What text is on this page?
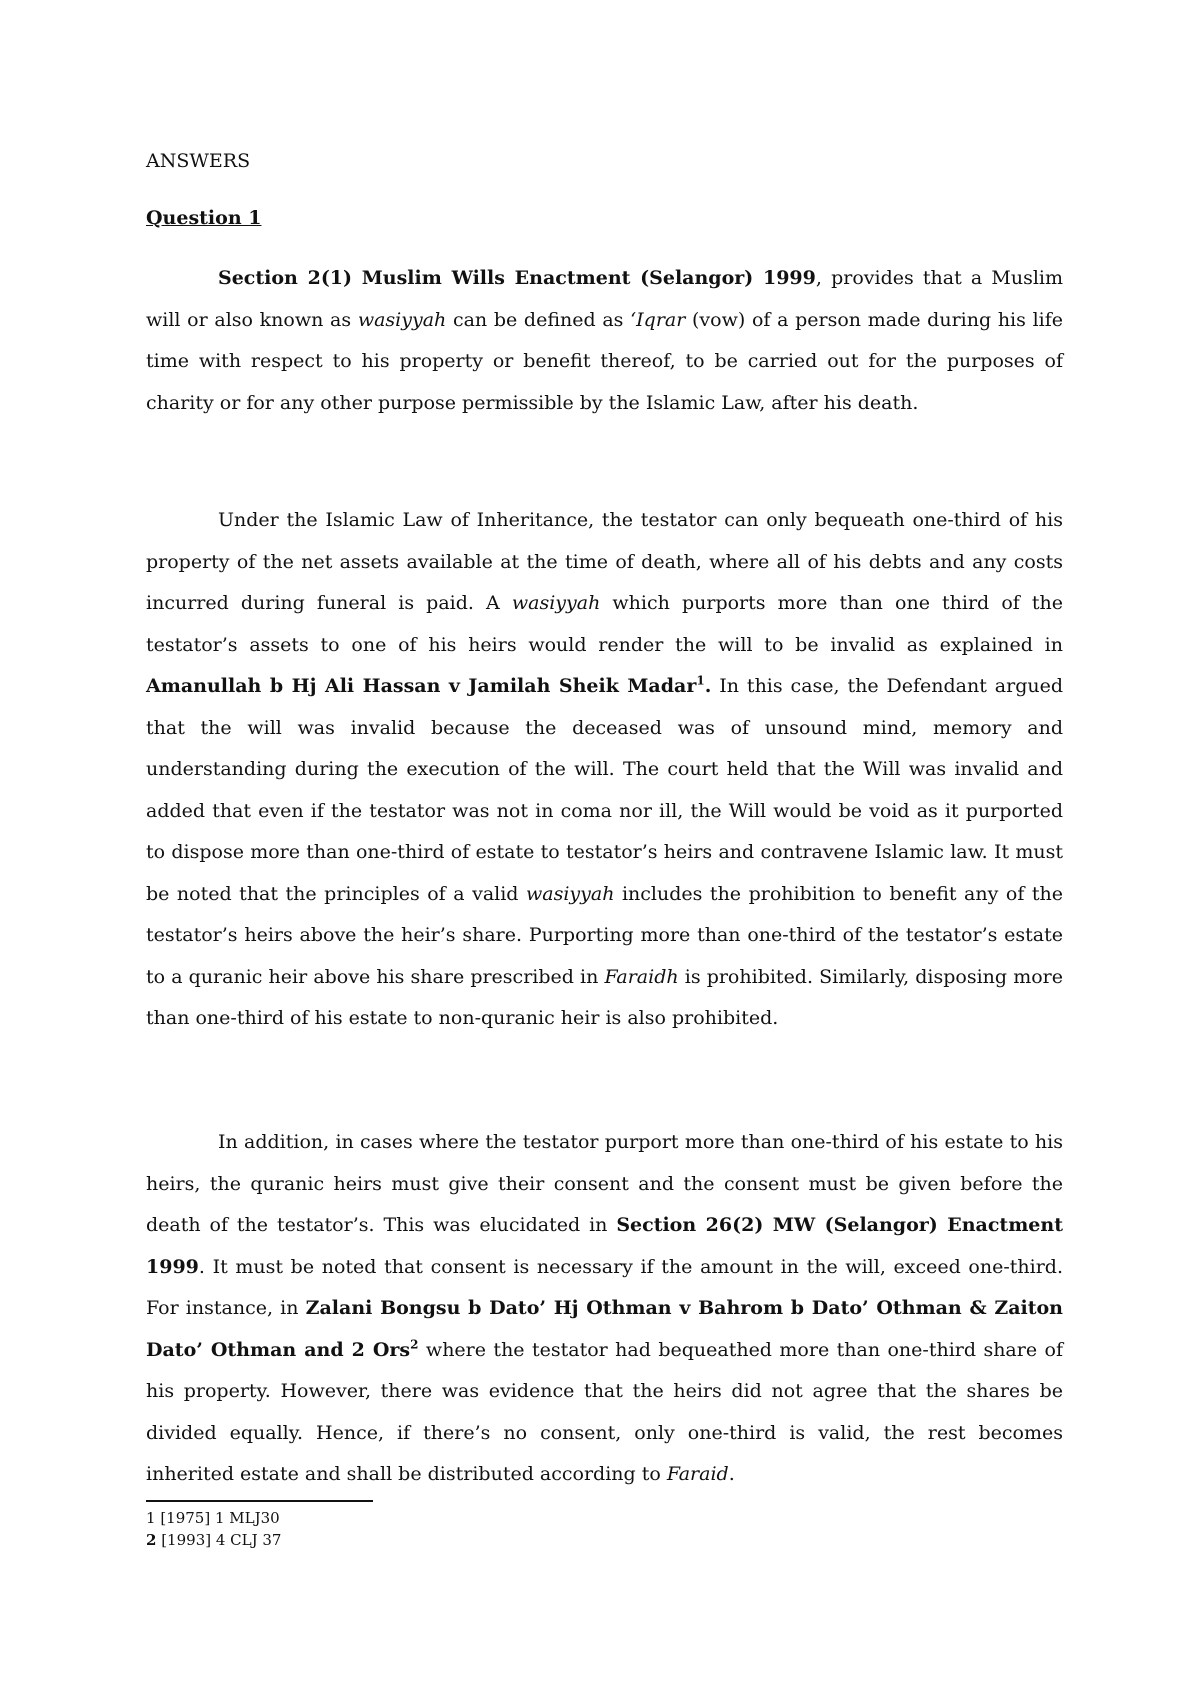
ANSWERS

Question 1

Section 2(1) Muslim Wills Enactment (Selangor) 1999, provides that a Muslim will or also known as wasiyyah can be defined as ‘Iqrar (vow) of a person made during his life time with respect to his property or benefit thereof, to be carried out for the purposes of charity or for any other purpose permissible by the Islamic Law, after his death.

Under the Islamic Law of Inheritance, the testator can only bequeath one-third of his property of the net assets available at the time of death, where all of his debts and any costs incurred during funeral is paid. A wasiyyah which purports more than one third of the testator’s assets to one of his heirs would render the will to be invalid as explained in Amanullah b Hj Ali Hassan v Jamilah Sheik Madar$^1$. In this case, the Defendant argued that the will was invalid because the deceased was of unsound mind, memory and understanding during the execution of the will. The court held that the Will was invalid and added that even if the testator was not in coma nor ill, the Will would be void as it purported to dispose more than one-third of estate to testator’s heirs and contravene Islamic law. It must be noted that the principles of a valid wasiyyah includes the prohibition to benefit any of the testator’s heirs above the heir’s share. Purporting more than one-third of the testator’s estate to a quranic heir above his share prescribed in Faraidh is prohibited. Similarly, disposing more than one-third of his estate to non-quranic heir is also prohibited.

In addition, in cases where the testator purport more than one-third of his estate to his heirs, the quranic heirs must give their consent and the consent must be given before the death of the testator’s. This was elucidated in Section 26(2) MW (Selangor) Enactment 1999. It must be noted that consent is necessary if the amount in the will, exceed one-third. For instance, in Zalani Bongsu b Dato’ Hj Othman v Bahrom b Dato’ Othman & Zaiton Dato’ Othman and 2 Ors$^2$ where the testator had bequeathed more than one-third share of his property. However, there was evidence that the heirs did not agree that the shares be divided equally. Hence, if there’s no consent, only one-third is valid, the rest becomes inherited estate and shall be distributed according to Faraid.

1 [1975] 1 MLJ30

2 [1993] 4 CLJ 37
